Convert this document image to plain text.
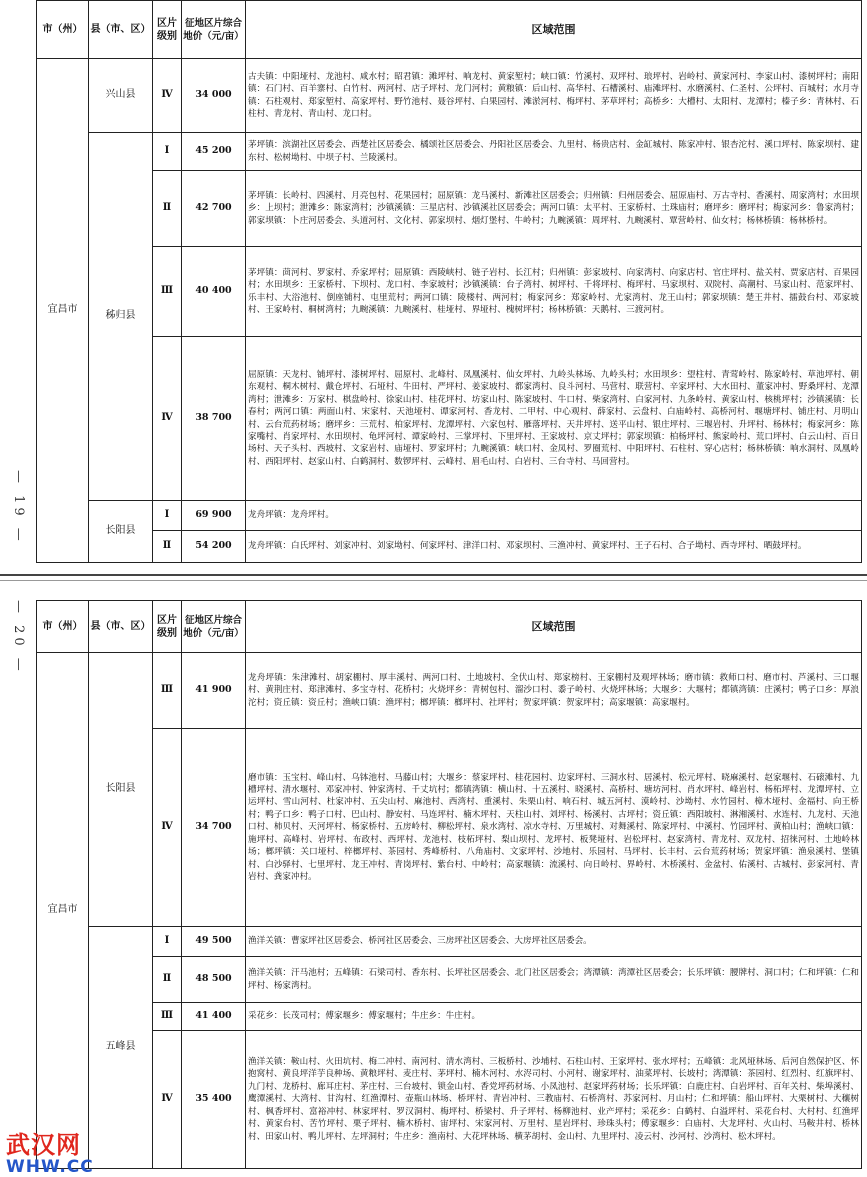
— 19 —
市（州）	县（市、区）	区片级别	征地区片综合地价（元/亩）	区域范围
宜昌市	兴山县	Ⅳ	34 000	古夫镇：中阳垭村、龙池村、咸水村；昭君镇：滩坪村、响龙村、黄家堑村；峡口镇：竹溪村、双坪村、琅坪村、岩岭村、黄家河村、李家山村、漆树坪村；南阳镇：石门村、百羊寨村、白竹村、两河村、店子坪村、龙门河村；黄粮镇：后山村、高华村、石槽溪村、庙滩坪村、水磨溪村、仁圣村、公坪村、百城村；水月寺镇：石柱观村、郑家堑村、高家坪村、野竹池村、聂谷坪村、白果园村、滩淤河村、梅坪村、茅草坪村；高桥乡：大槽村、太阳村、龙潭村；榛子乡：青林村、石柱村、青龙村、青山村、龙口村。
	秭归县	Ⅰ	45 200	茅坪镇：滨湖社区居委会、西楚社区居委会、橘颂社区居委会、丹阳社区居委会、九里村、杨贵店村、金缸城村、陈家冲村、银杏沱村、溪口坪村、陈家坝村、建东村、松树坳村、中坝子村、兰陵溪村。
		Ⅱ	42 700	茅坪镇：长岭村、四溪村、月亮包村、花果园村；屈原镇：龙马溪村、新滩社区居委会；归州镇：归州居委会、屈原庙村、万古寺村、香溪村、周家湾村；水田坝乡：上坝村；泄滩乡：陈家湾村；沙镇溪镇：三星店村、沙镇溪社区居委会；两河口镇：太平村、王家桥村、土珠庙村；磨坪乡：磨坪村；梅家河乡：鲁家湾村；郭家坝镇：卜庄河居委会、头道河村、文化村、郭家坝村、烟灯堡村、牛岭村；九畹溪镇：周坪村、九畹溪村、覃营岭村、仙女村；杨林桥镇：杨林桥村。
		Ⅲ	40 400	茅坪镇：茴河村、罗家村、乔家坪村；屈原镇：西陵峡村、链子岩村、长江村；归州镇：彭家坡村、向家湾村、向家店村、官庄坪村、盐关村、贾家店村、百果园村；水田坝乡：王家桥村、下坝村、龙口村、李家坡村；沙镇溪镇：台子湾村、树坪村、千将坪村、梅坪村、马家坝村、双院村、高潮村、马家山村、范家坪村、乐丰村、大浴池村、倒座铺村、屯里荒村；两河口镇：陵楼村、两河村；梅家河乡：郑家岭村、尤家湾村、龙王山村；郭家坝镇：楚王井村、擂鼓台村、邓家坡村、王家岭村、桐树湾村；九畹溪镇：九畹溪村、桂垭村、界垭村、槐树坪村；杨林桥镇：天鹅村、三渡河村。
		Ⅳ	38 700	屈原镇：天龙村、铺坪村、漆树坪村、屈原村、北峰村、凤凰溪村、仙女坪村、九岭头林场、九岭头村；水田坝乡：望柱村、青莺岭村、陈家岭村、草池坪村、朝东观村、桐木树村、戴仓坪村、石垭村、牛田村、严坪村、姜家坡村、都家湾村、良斗河村、马营村、联营村、辛家坪村、大水田村、董家冲村、野桑坪村、龙潭湾村；泄滩乡：万家村、棋盘岭村、徐家山村、桂花坪村、坊家山村、陈家坡村、牛口村、柴家湾村、白家河村、九条岭村、黄家山村、核桃坪村；沙镇溪镇：长春村；两河口镇：两面山村、宋家村、天池垭村、谭家河村、香龙村、二甲村、中心观村、薛家村、云盘村、白庙岭村、高桥河村、堰塘坪村、铺庄村、月明山村、云台荒药材场；磨坪乡：三荒村、柏家坪村、龙潭坪村、六家包村、雁落坪村、天井坪村、送平山村、银庄坪村、三堰岩村、升坪村、杨林村；梅家河乡：陈家嘴村、肖家坪村、水田坝村、龟坪河村、谭家岭村、三掌坪村、下里坪村、王家坡村、京丈坪村；郭家坝镇：柏杨坪村、熊家岭村、荒口坪村、白云山村、百日场村、天子头村、西坡村、文家岩村、庙垭村、罗家坪村；九畹溪镇：峡口村、金凤村、罗圈荒村、中阳坪村、石柱村、穿心店村；杨林桥镇：响水洞村、凤凰岭村、西阳坪村、赵家山村、白鹤洞村、数锣坪村、云峰村、眉毛山村、白岩村、三台寺村、马回营村。
	长阳县	Ⅰ	69 900	龙舟坪镇：龙舟坪村。
		Ⅱ	54 200	龙舟坪镇：白氏坪村、刘家冲村、刘家坳村、何家坪村、津洋口村、邓家坝村、三渔冲村、黄家坪村、王子石村、合子坳村、西寺坪村、晒鼓坪村。
— 20 — 市（州）	县（市、区）	区片级别	征地区片综合地价（元/亩）	区域范围
宜昌市	长阳县	Ⅲ	41 900	龙舟坪镇：朱津滩村、胡家棚村、厚丰溪村、两河口村、土地坡村、全伏山村、郑家榜村、王家棚村及观坪林场；磨市镇：救师口村、磨市村、芦溪村、三口堰村、黄荆庄村、郑津滩村、多宝寺村、花桥村；火烧坪乡：青树包村、溜沙口村、黍子岭村、火烧坪林场；大堰乡：大堰村；都镇湾镇：庄溪村；鸭子口乡：厚浪沱村；资丘镇：资丘村；渔峡口镇：渔坪村；榔坪镇：榔坪村、社坪村；贺家坪镇：贺家坪村；高家堰镇：高家堰村。
		Ⅳ	34 700	磨市镇：玉宝村、峰山村、乌钵池村、马藤山村；大堰乡：蔡家坪村、桂花园村、边家坪村、三洞水村、居溪村、松元坪村、晓麻溪村、赵家堰村、石磙滩村、九槽坪村、清水堰村、邓家冲村、钟家湾村、千丈坑村；都镇湾镇：横山村、十五溪村、晓溪村、高桥村、塘坊河村、肖水坪村、峰岩村、杨柘坪村、龙潭坪村、立运坪村、雪山河村、杜家冲村、五尖山村、麻池村、西湾村、重溪村、朱栗山村、响石村、城五河村、漠岭村、沙坳村、水竹园村、樟木垭村、金福村、向王桥村；鸭子口乡：鸭子口村、巴山村、静安村、马连坪村、楠木坪村、天柱山村、刘坪村、杨溪村、古坪村；资丘镇：西阳坡村、淋湘溪村、水连村、九龙村、天池口村、柿贝村、天河坪村、杨家桥村、五房岭村、柳松坪村、泉水湾村、凉水寺村、万里城村、对舞溪村、陈家坪村、中溪村、竹园坪村、黄柏山村；渔峡口镇：施坪村、高峰村、岩坪村、布政村、西坪村、龙池村、枝柘坪村、梨山坝村、龙坪村、板凳垭村、岩松坪村、赵家湾村、青龙村、双龙村、招徕河村、土地岭林场；榔坪镇：关口垭村、梓榔坪村、茶园村、秀峰桥村、八角庙村、文家坪村、沙地村、乐园村、马坪村、长丰村、云台荒药材场；贺家坪镇：渔泉溪村、堡镇村、白沙驿村、七里坪村、龙王冲村、青岗坪村、紫台村、中岭村；高家堰镇：流溪村、向日岭村、界岭村、木桥溪村、金盆村、佑溪村、古城村、彭家河村、青岩村、龚家冲村。
	五峰县	Ⅰ	49 500	渔洋关镇：曹家坪社区居委会、桥河社区居委会、三房坪社区居委会、大房坪社区居委会。
		Ⅱ	48 500	渔洋关镇：汗马池村；五峰镇：石梁司村、香东村、长坪社区居委会、北门社区居委会；湾潭镇：湾潭社区居委会；长乐坪镇：腰牌村、洞口村；仁和坪镇：仁和坪村、杨家湾村。
		Ⅲ	41 400	采花乡：长茂司村；傅家堰乡：傅家堰村；牛庄乡：牛庄村。
		Ⅳ	35 400	渔洋关镇：鞍山村、火田坑村、梅二冲村、南河村、清水湾村、三板桥村、沙埔村、石柱山村、王家坪村、张水坪村；五峰镇：北风垭林场、后河自然保护区、怀抱窝村、黄良坪洋芋良种场、黄粮坪村、麦庄村、茅坪村、楠木河村、水浕司村、小河村、谢家坪村、油菜坪村、长坡村；湾潭镇：茶园村、红烈村、红旗坪村、九门村、龙桥村、廊耳庄村、茅庄村、三台坡村、锁金山村、香党坪药材场、小凤池村、赵家坪药材场；长乐坪镇：白鹿庄村、白岩坪村、百年关村、柴埠溪村、鹰潭溪村、大湾村、甘沟村、红渔潭村、壶瓶山林场、桥坪村、青岩冲村、三教庙村、石桥湾村、苏家河村、月山村；仁和坪镇：船山坪村、大栗树村、大穰树村、枫香坪村、富裕冲村、林家坪村、罗汉洞村、梅坪村、桥梁村、升子坪村、杨柳池村、业产坪村；采花乡：白鹤村、白溢坪村、采花台村、大村村、红渔坪村、黄家台村、苦竹坪村、栗子坪村、楠木桥村、宙坪村、宋家河村、万里村、星岩坪村、珍珠头村；傅家堰乡：白庙村、大龙坪村、火山村、马鞍井村、桥林村、田家山村、鸭儿坪村、左坪洞村；牛庄乡：渔南村、大花坪林场、横茅胡村、金山村、九里坪村、凌云村、沙河村、沙湾村、松木坪村。
武汉网
WHW.CC
